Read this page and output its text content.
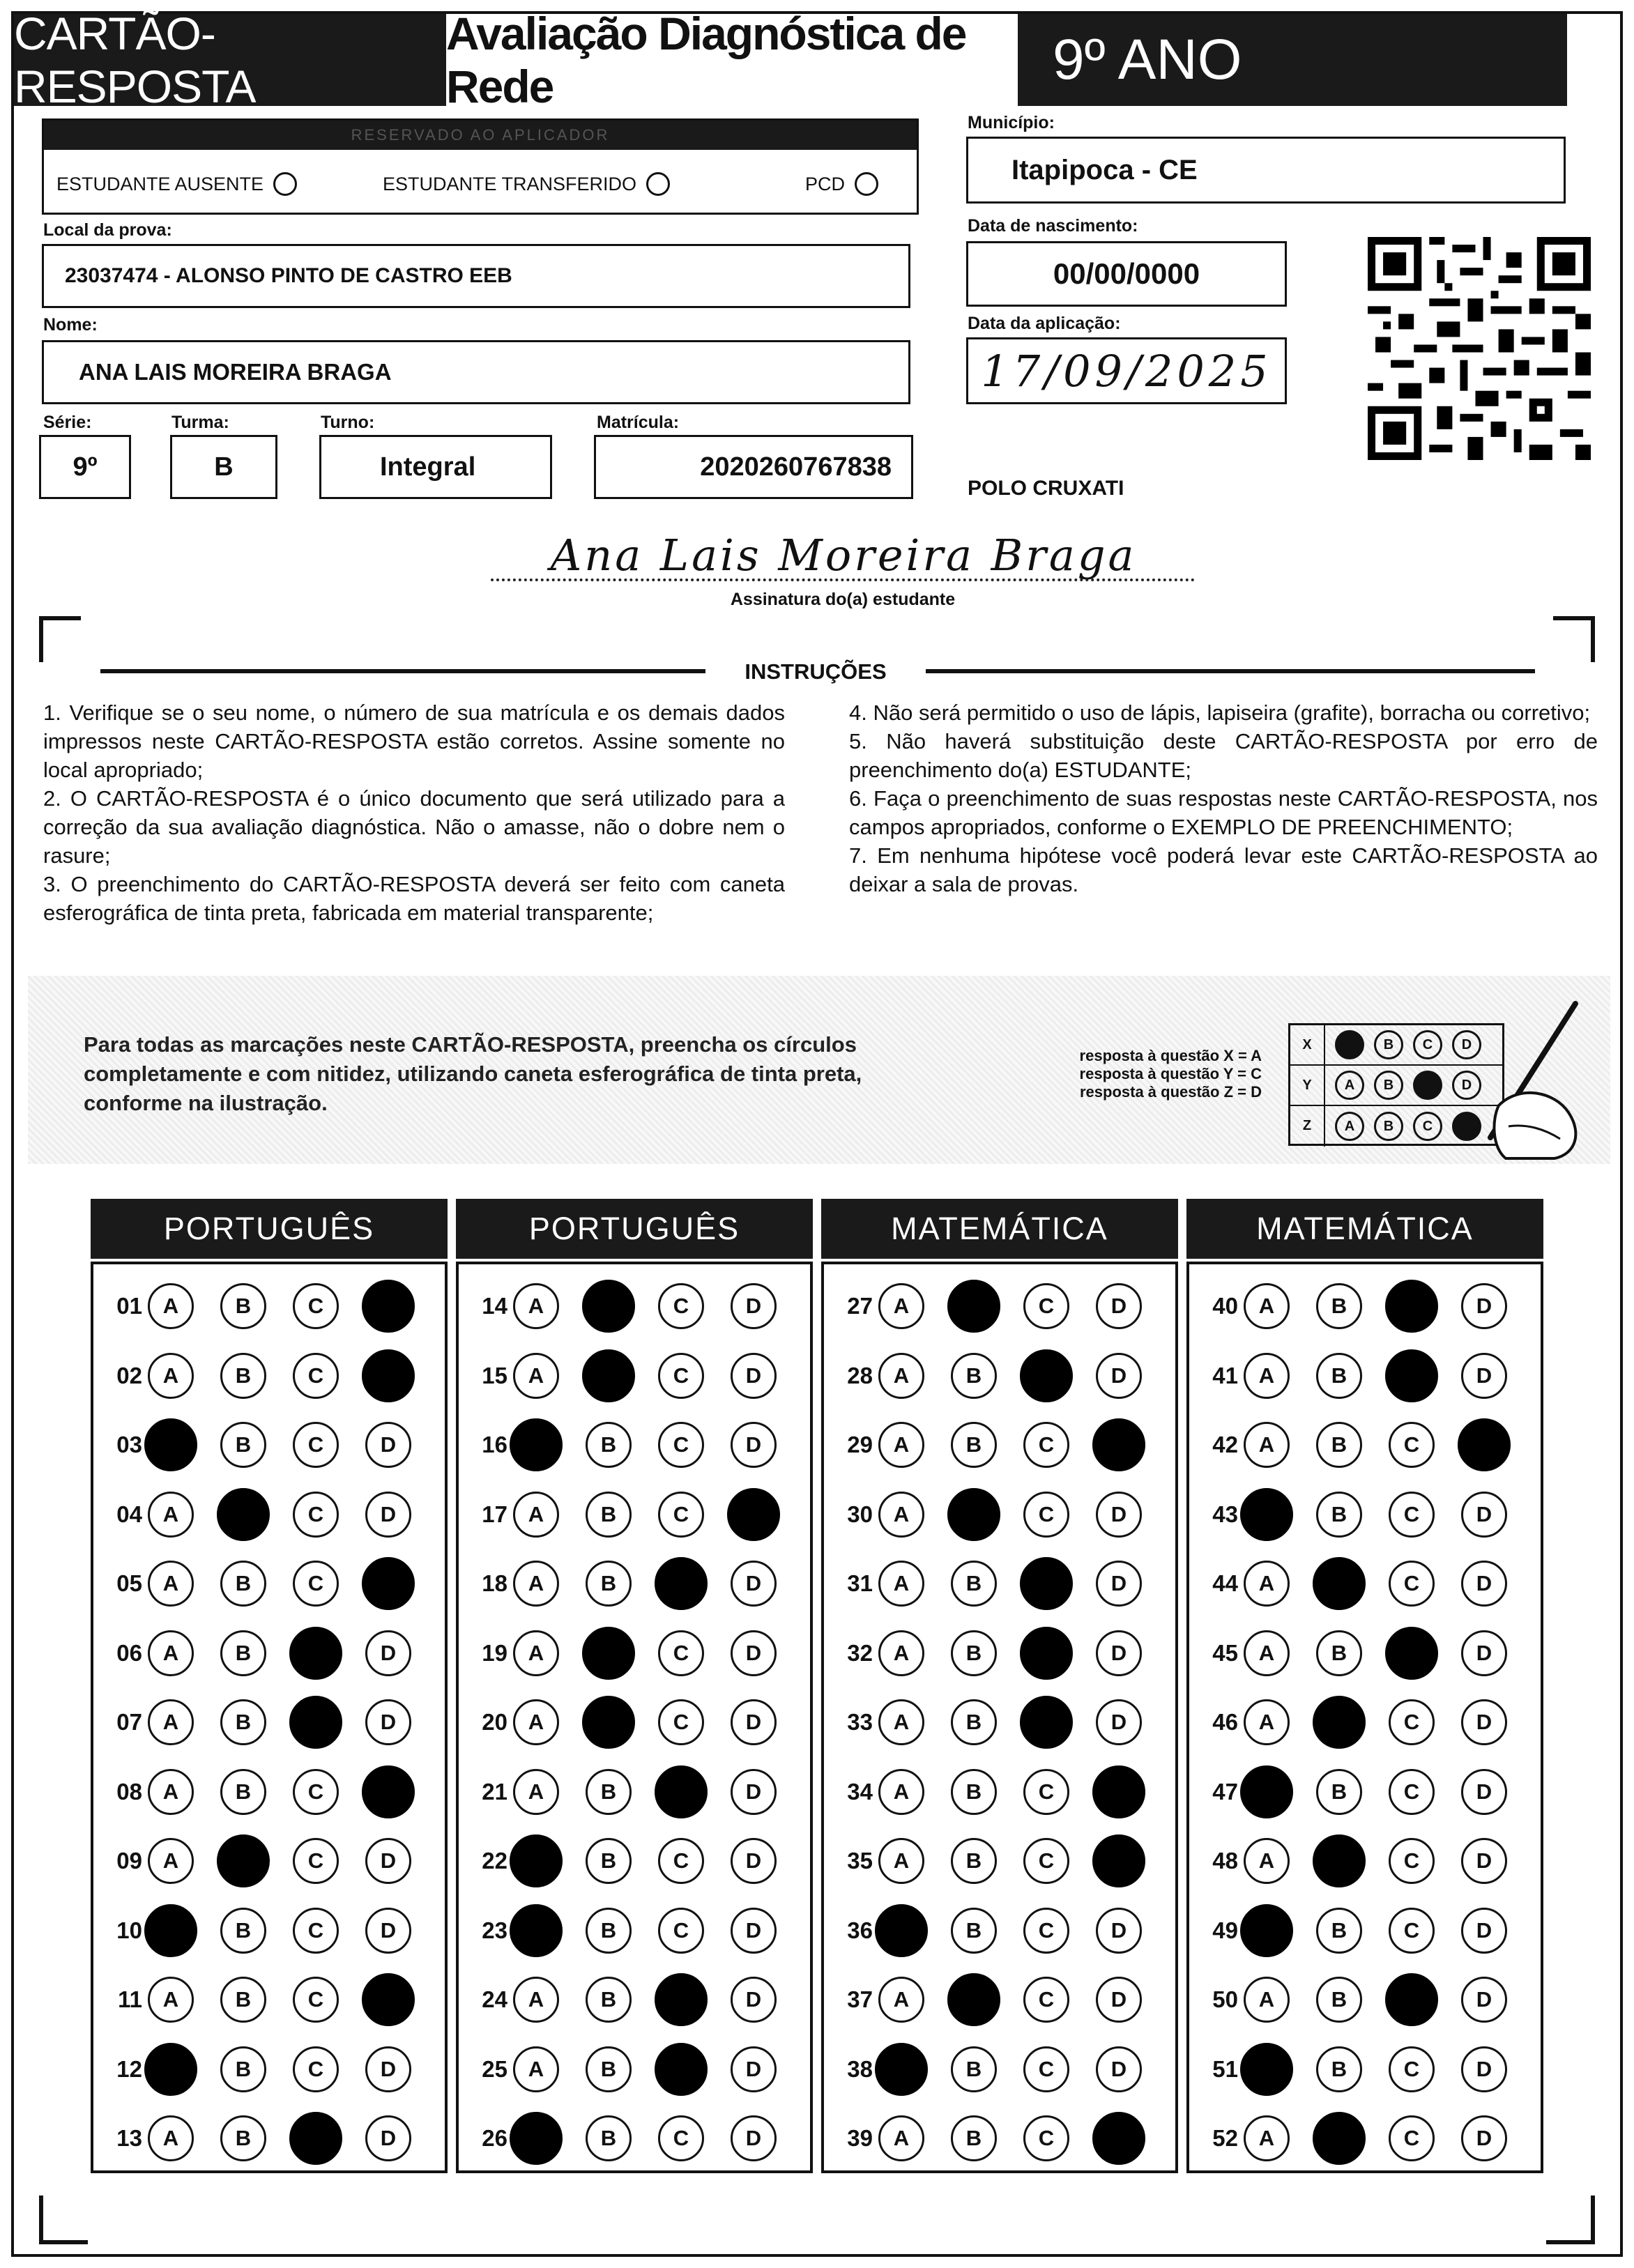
CARTÃO-RESPOSTA
Avaliação Diagnóstica de Rede	9º ANO
RESERVADO AO APLICADOR
ESTUDANTE AUSENTE	ESTUDANTE TRANSFERIDO	PCD
Local da prova:
23037474 - ALONSO PINTO DE CASTRO EEB
Nome:
ANA LAIS MOREIRA BRAGA
Série:	Turma:	Turno:	Matrícula:
9º	B	Integral	2020260767838
Município:
Itapipoca - CE
Data de nascimento:
00/00/0000
Data da aplicação:
17/09/2025
POLO CRUXATI
Ana Lais Moreira Braga
Assinatura do(a) estudante
INSTRUÇÕES

1. Verifique se o seu nome, o número de sua matrícula e os demais dados impressos neste CARTÃO-RESPOSTA estão corretos. Assine somente no local apropriado;

2. O CARTÃO-RESPOSTA é o único documento que será utilizado para a correção da sua avaliação diagnóstica. Não o amasse, não o dobre nem o rasure;

3. O preenchimento do CARTÃO-RESPOSTA deverá ser feito com caneta esferográfica de tinta preta, fabricada em material transparente;

4. Não será permitido o uso de lápis, lapiseira (grafite), borracha ou corretivo;

5. Não haverá substituição deste CARTÃO-RESPOSTA por erro de preenchimento do(a) ESTUDANTE;

6. Faça o preenchimento de suas respostas neste CARTÃO-RESPOSTA, nos campos apropriados, conforme o EXEMPLO DE PREENCHIMENTO;

7. Em nenhuma hipótese você poderá levar este CARTÃO-RESPOSTA ao deixar a sala de provas.

Para todas as marcações neste CARTÃO-RESPOSTA, preencha os círculos completamente e com nitidez, utilizando caneta esferográfica de tinta preta, conforme na ilustração.
resposta à questão X = A
resposta à questão Y = C
resposta à questão Z = D
X	A	B	C	D
Y	A	B	C	D
Z	A	B	C	D
PORTUGUÊS
01 A	B	C	D
02 A	B	C	D
03 A	B	C	D
04 A	B	C	D
05 A	B	C	D
06 A	B	C	D
07 A	B	C	D
08 A	B	C	D
09 A	B	C	D
10 A	B	C	D
11 A	B	C	D
12 A	B	C	D
13 A	B	C	D
PORTUGUÊS
14 A	B	C	D
15 A	B	C	D
16 A	B	C	D
17 A	B	C	D
18 A	B	C	D
19 A	B	C	D
20 A	B	C	D
21 A	B	C	D
22 A	B	C	D
23 A	B	C	D
24 A	B	C	D
25 A	B	C	D
26 A	B	C	D
MATEMÁTICA
27 A	B	C	D
28 A	B	C	D
29 A	B	C	D
30 A	B	C	D
31 A	B	C	D
32 A	B	C	D
33 A	B	C	D
34 A	B	C	D
35 A	B	C	D
36 A	B	C	D
37 A	B	C	D
38 A	B	C	D
39 A	B	C	D
MATEMÁTICA
40 A	B	C	D
41 A	B	C	D
42 A	B	C	D
43 A	B	C	D
44 A	B	C	D
45 A	B	C	D
46 A	B	C	D
47 A	B	C	D
48 A	B	C	D
49 A	B	C	D
50 A	B	C	D
51 A	B	C	D
52 A	B	C	D
